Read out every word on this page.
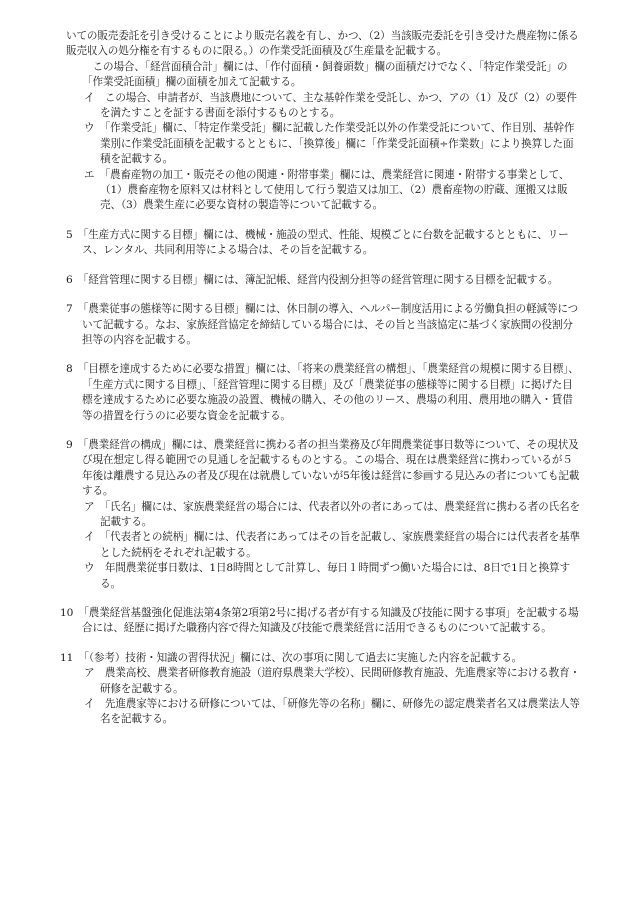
いての販売委託を引き受けることにより販売名義を有し、かつ、（2）当該販売委託を引き受けた農産物に係る販売収入の処分権を有するものに限る。）の作業受託面積及び生産量を記載する。

この場合、「経営面積合計」欄には、「作付面積・飼養頭数」欄の面積だけでなく、「特定作業受託」の「作業受託面積」欄の面積を加えて記載する。

イ　 この場合、申請者が、当該農地について、主な基幹作業を受託し、かつ、アの（1）及び（2）の要件を満たすことを証する書面を添付するものとする。

ウ　 「作業受託」欄に、「特定作業受託」欄に記載した作業受託以外の作業受託について、作目別、基幹作業別に作業受託面積を記載するとともに、「換算後」欄に「作業受託面積÷作業数」により換算した面積を記載する。

エ　 「農畜産物の加工・販売その他の関連・附帯事業」欄には、農業経営に関連・附帯する事業として、（1）農畜産物を原料又は材料として使用して行う製造又は加工、（2）農畜産物の貯蔵、運搬又は販売、（3）農業生産に必要な資材の製造等について記載する。

5　 「生産方式に関する目標」欄には、機械・施設の型式、性能、規模ごとに台数を記載するとともに、リース、レンタル、共同利用等による場合は、その旨を記載する。

6　 「経営管理に関する目標」欄には、簿記記帳、経営内役割分担等の経営管理に関する目標を記載する。

7　 「農業従事の態様等に関する目標」欄には、休日制の導入、ヘルパー制度活用による労働負担の軽減等について記載する。なお、家族経営協定を締結している場合には、その旨と当該協定に基づく家族間の役割分担等の内容を記載する。

8　 「目標を達成するために必要な措置」欄には、「将来の農業経営の構想」、「農業経営の規模に関する目標」、「生産方式に関する目標」、「経営管理に関する目標」及び「農業従事の態様等に関する目標」に掲げた目標を達成するために必要な施設の設置、機械の購入、その他のリース、農場の利用、農用地の購入・賃借等の措置を行うのに必要な資金を記載する。

9　 「農業経営の構成」欄には、農業経営に携わる者の担当業務及び年間農業従事日数等について、その現状及び現在想定し得る範囲での見通しを記載するものとする。この場合、現在は農業経営に携わっているが５年後は離農する見込みの者及び現在は就農していないが5年後は経営に参画する見込みの者についても記載する。

ア　 「氏名」欄には、家族農業経営の場合には、代表者以外の者にあっては、農業経営に携わる者の氏名を記載する。

イ　 「代表者との続柄」欄には、代表者にあってはその旨を記載し、家族農業経営の場合には代表者を基準とした続柄をそれぞれ記載する。

ウ　 年間農業従事日数は、1日8時間として計算し、毎日１時間ずつ働いた場合には、8日で1日と換算する。

10　 「農業経営基盤強化促進法第4条第2項第2号に掲げる者が有する知識及び技能に関する事項」を記載する場合には、経歴に掲げた職務内容で得た知識及び技能で農業経営に活用できるものについて記載する。

11　 「（参考）技術・知識の習得状況」欄には、次の事項に関して過去に実施した内容を記載する。

ア　 農業高校、農業者研修教育施設（道府県農業大学校）、民間研修教育施設、先進農家等における教育・研修を記載する。

イ　 先進農家等における研修については、「研修先等の名称」欄に、研修先の認定農業者名又は農業法人等名を記載する。
